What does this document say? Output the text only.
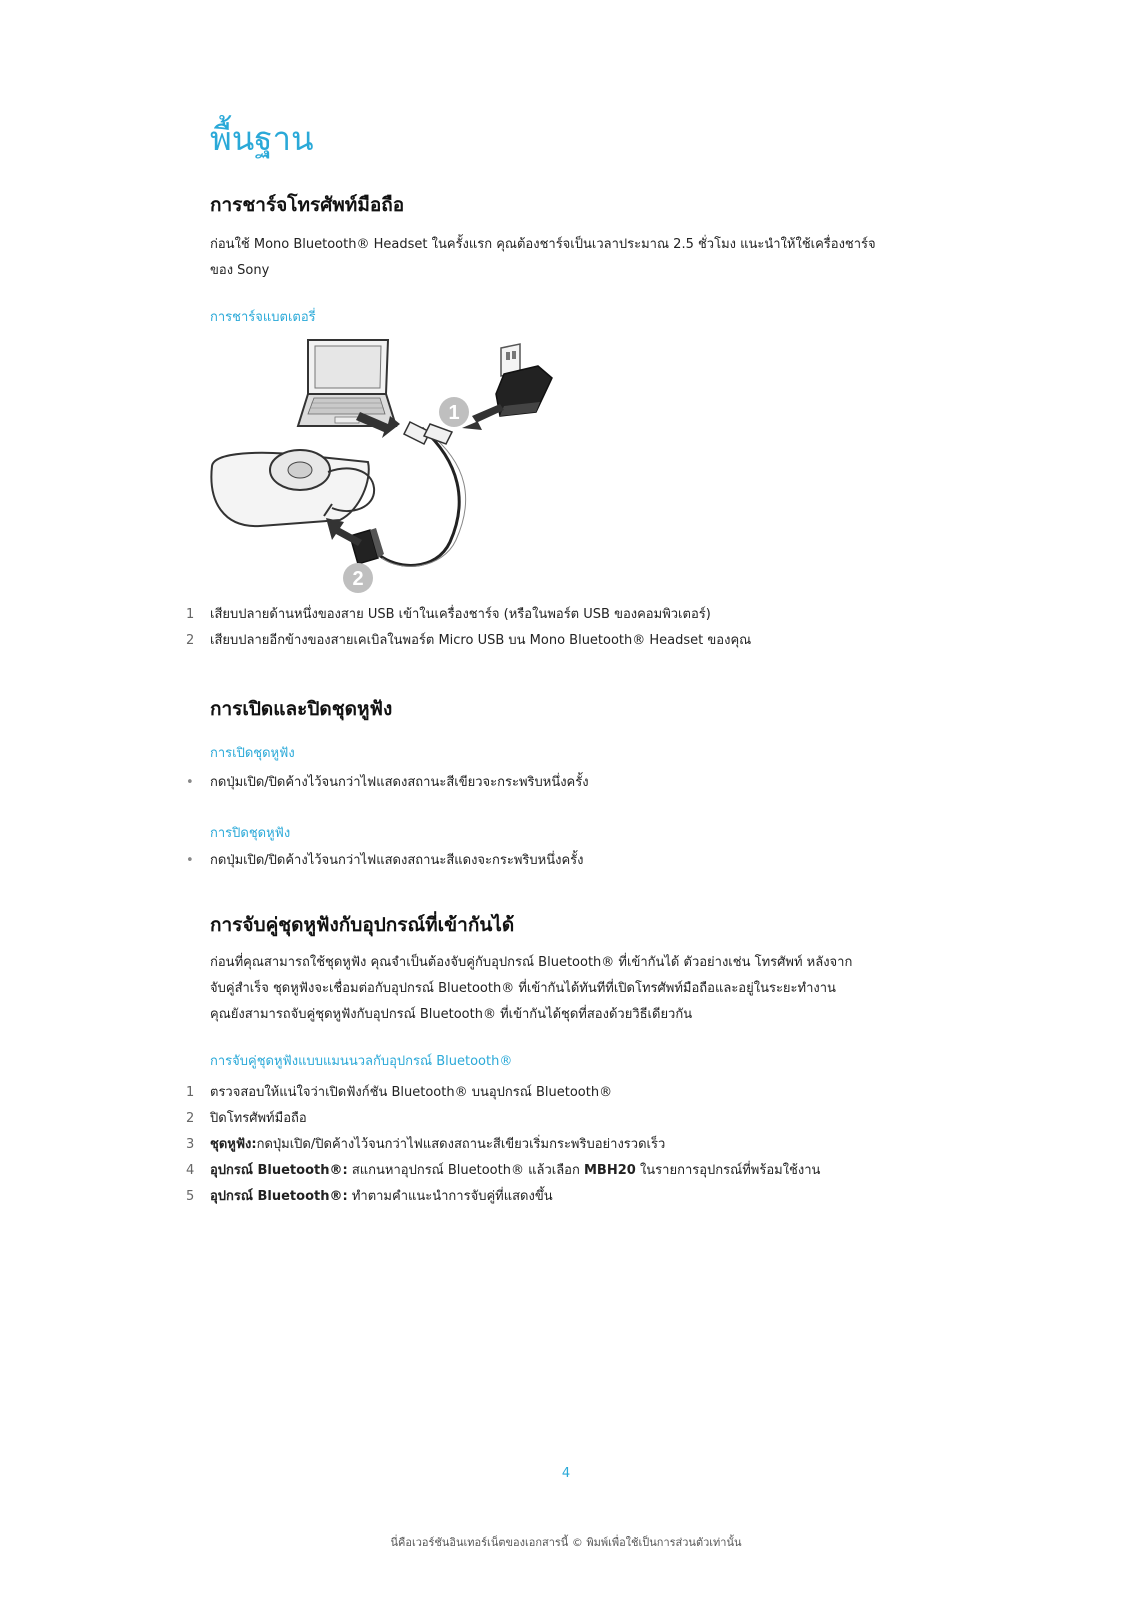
พื้นฐาน
การชาร์จโทรศัพท์มือถือ
ก่อนใช้ Mono Bluetooth® Headset ในครั้งแรก คุณต้องชาร์จเป็นเวลาประมาณ 2.5 ชั่วโมง แนะนำให้ใช้เครื่องชาร์จ
ของ Sony
การชาร์จแบตเตอรี่
1
2
1 เสียบปลายด้านหนึ่งของสาย USB เข้าในเครื่องชาร์จ (หรือในพอร์ต USB ของคอมพิวเตอร์)
2 เสียบปลายอีกข้างของสายเคเบิลในพอร์ต Micro USB บน Mono Bluetooth® Headset ของคุณ
การเปิดและปิดชุดหูฟัง
การเปิดชุดหูฟัง
• กดปุ่มเปิด/ปิดค้างไว้จนกว่าไฟแสดงสถานะสีเขียวจะกระพริบหนึ่งครั้ง
การปิดชุดหูฟัง
• กดปุ่มเปิด/ปิดค้างไว้จนกว่าไฟแสดงสถานะสีแดงจะกระพริบหนึ่งครั้ง
การจับคู่ชุดหูฟังกับอุปกรณ์ที่เข้ากันได้
ก่อนที่คุณสามารถใช้ชุดหูฟัง คุณจำเป็นต้องจับคู่กับอุปกรณ์ Bluetooth® ที่เข้ากันได้ ตัวอย่างเช่น โทรศัพท์ หลังจาก
จับคู่สำเร็จ ชุดหูฟังจะเชื่อมต่อกับอุปกรณ์ Bluetooth® ที่เข้ากันได้ทันทีที่เปิดโทรศัพท์มือถือและอยู่ในระยะทำงาน
คุณยังสามารถจับคู่ชุดหูฟังกับอุปกรณ์ Bluetooth® ที่เข้ากันได้ชุดที่สองด้วยวิธีเดียวกัน
การจับคู่ชุดหูฟังแบบแมนนวลกับอุปกรณ์ Bluetooth®
1 ตรวจสอบให้แน่ใจว่าเปิดฟังก์ชัน Bluetooth® บนอุปกรณ์ Bluetooth®
2 ปิดโทรศัพท์มือถือ
3 ชุดหูฟัง:กดปุ่มเปิด/ปิดค้างไว้จนกว่าไฟแสดงสถานะสีเขียวเริ่มกระพริบอย่างรวดเร็ว
4 อุปกรณ์ Bluetooth®: สแกนหาอุปกรณ์ Bluetooth® แล้วเลือก MBH20 ในรายการอุปกรณ์ที่พร้อมใช้งาน
5 อุปกรณ์ Bluetooth®: ทำตามคำแนะนำการจับคู่ที่แสดงขึ้น
4
นี่คือเวอร์ชันอินเทอร์เน็ตของเอกสารนี้ © พิมพ์เพื่อใช้เป็นการส่วนตัวเท่านั้น
